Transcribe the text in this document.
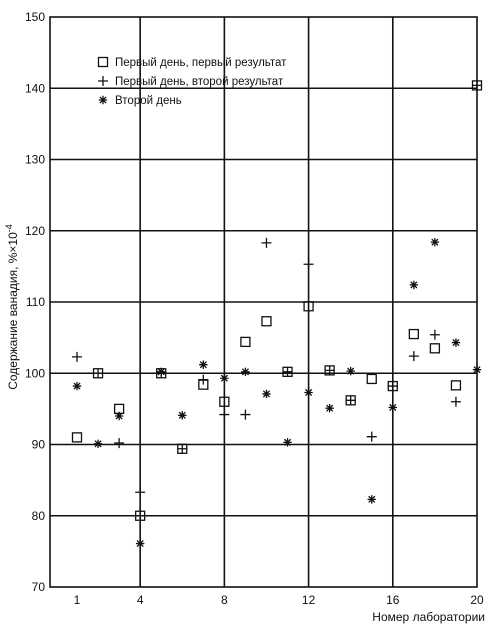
70
80
90
100
110
120
130
140
150
1	4	8	12	16	20
Первый день, первый результат
Первый день, второй результат
Второй день
Содержание ванадия, $\%\times 10^{-4}$
Номер лаборатории
